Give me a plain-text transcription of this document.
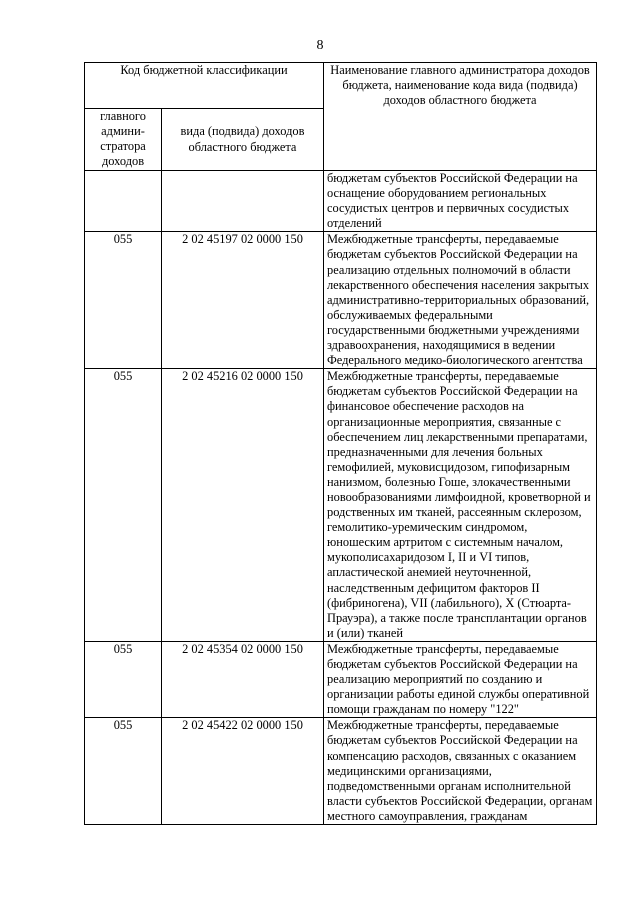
8
Код бюджетной классификации		Наименование главного администратора доходов бюджета, наименование кода вида (подвида) доходов областного бюджета
главного админи-стратора доходов	вида (подвида) доходов областного бюджета	
		бюджетам субъектов Российской Федерации на оснащение оборудованием региональных сосудистых центров и первичных сосудистых отделений
055	2 02 45197 02 0000 150	Межбюджетные трансферты, передаваемые бюджетам субъектов Российской Федерации на реализацию отдельных полномочий в области лекарственного обеспечения населения закрытых административно-территориальных образований, обслуживаемых федеральными государственными бюджетными учреждениями здравоохранения, находящимися в ведении Федерального медико-биологического агентства
055	2 02 45216 02 0000 150	Межбюджетные трансферты, передаваемые бюджетам субъектов Российской Федерации на финансовое обеспечение расходов на организационные мероприятия, связанные с обеспечением лиц лекарственными препаратами, предназначенными для лечения больных гемофилией, муковисцидозом, гипофизарным нанизмом, болезнью Гоше, злокачественными новообразованиями лимфоидной, кроветворной и родственных им тканей, рассеянным склерозом, гемолитико-уремическим синдромом, юношеским артритом с системным началом, мукополисахаридозом I, II и VI типов, апластической анемией неуточненной, наследственным дефицитом факторов II (фибриногена), VII (лабильного), X (Стюарта-Прауэра), а также после трансплантации органов и (или) тканей
055	2 02 45354 02 0000 150	Межбюджетные трансферты, передаваемые бюджетам субъектов Российской Федерации на реализацию мероприятий по созданию и организации работы единой службы оперативной помощи гражданам по номеру "122"
055	2 02 45422 02 0000 150	Межбюджетные трансферты, передаваемые бюджетам субъектов Российской Федерации на компенсацию расходов, связанных с оказанием медицинскими организациями, подведомственными органам исполнительной власти субъектов Российской Федерации, органам местного самоуправления, гражданам
